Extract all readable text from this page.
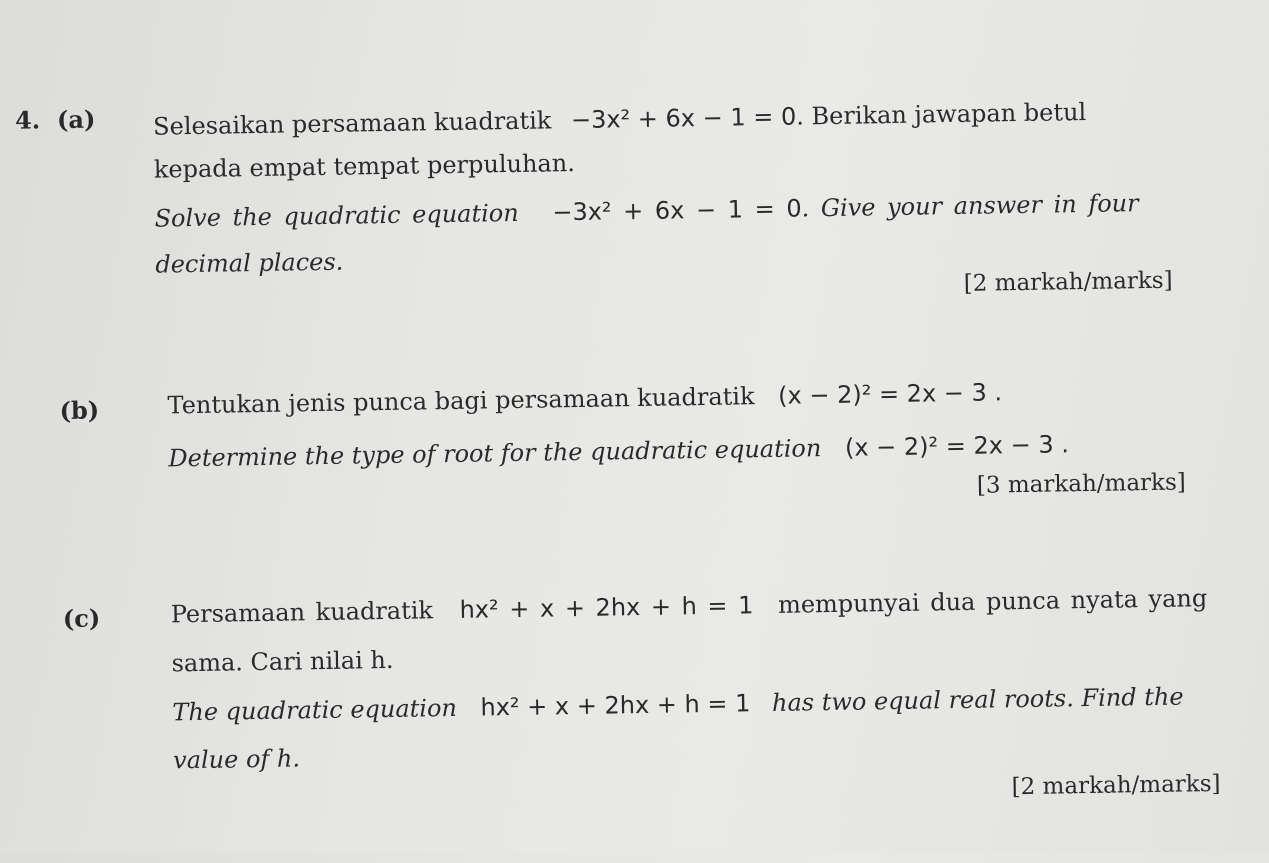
4. (a) Selesaikan persamaan kuadratik −3x² + 6x − 1 = 0. Berikan jawapan betul
kepada empat tempat perpuluhan.
Solve the quadratic equation −3x² + 6x − 1 = 0. Give your answer in four
decimal places.
[2 markah/marks]
(b)	Tentukan jenis punca bagi persamaan kuadratik (x − 2)² = 2x − 3 .
Determine the type of root for the quadratic equation (x − 2)² = 2x − 3 .
[3 markah/marks]
(c)	Persamaan kuadratik hx² + x + 2hx + h = 1 mempunyai dua punca nyata yang
sama. Cari nilai h.
The quadratic equation hx² + x + 2hx + h = 1 has two equal real roots. Find the
value of h.
[2 markah/marks]
